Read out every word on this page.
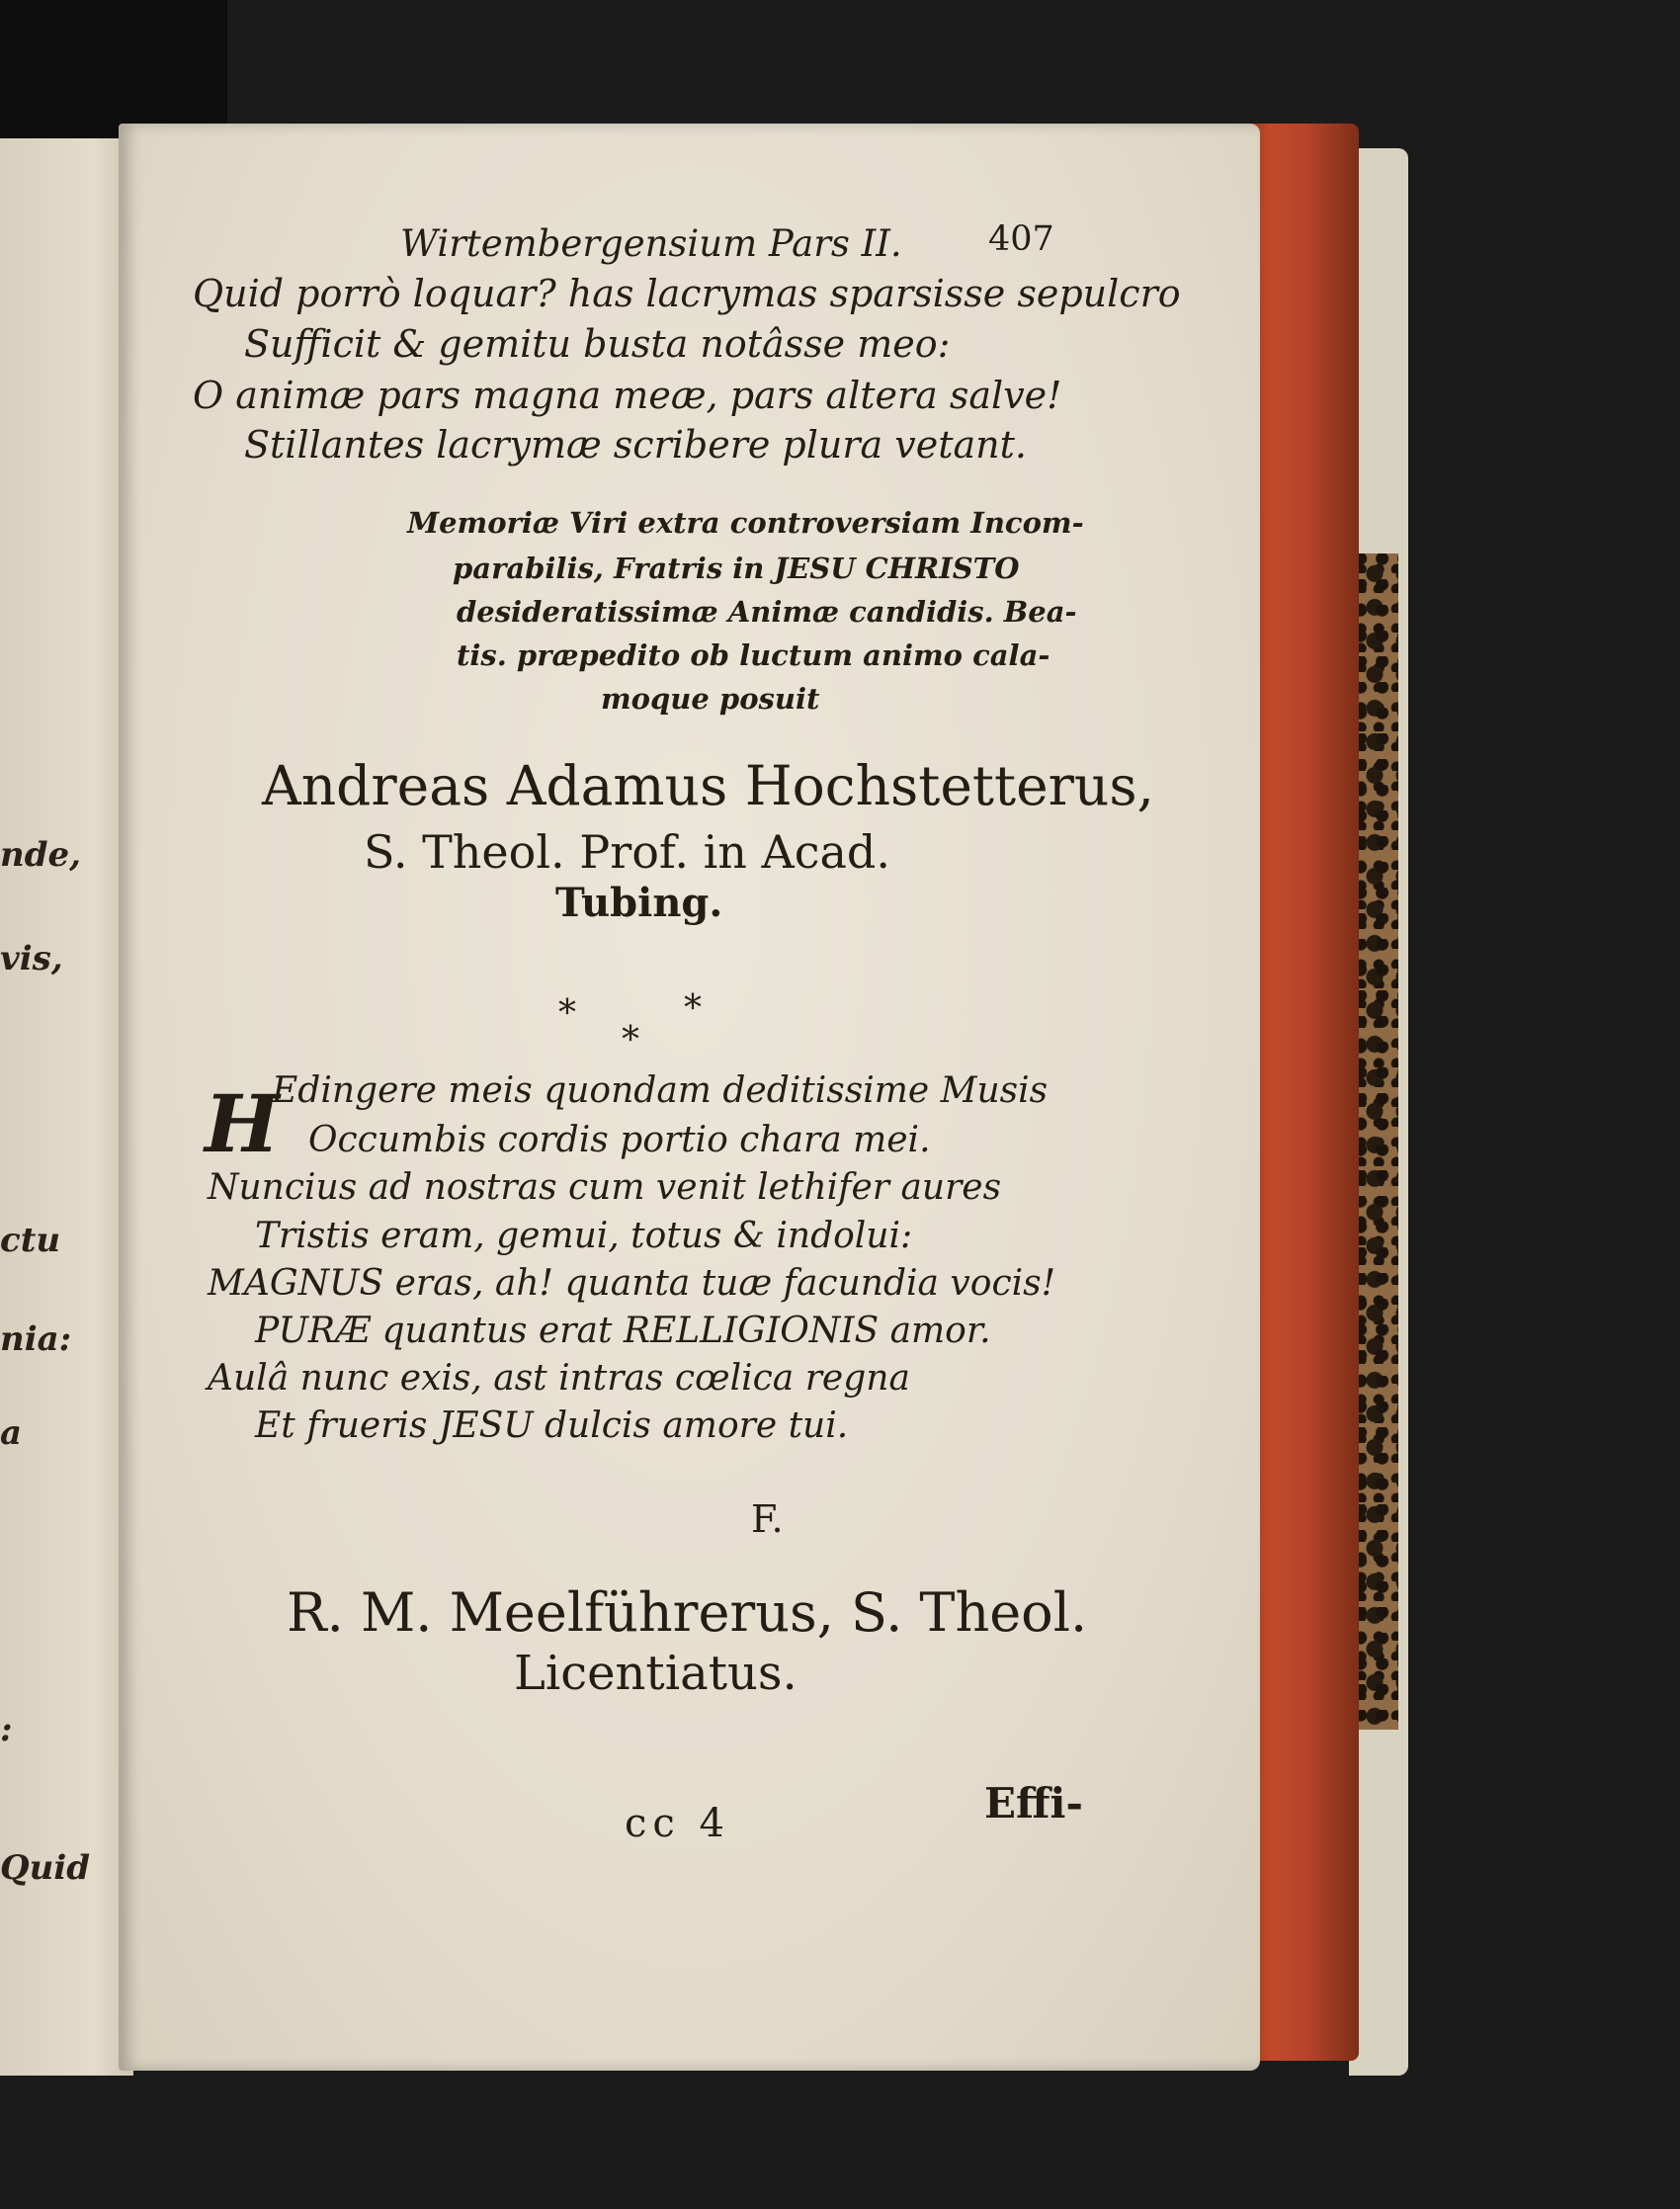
nde,
vis,
ctu
nia:
a
:
Quid
Wirtembergensium Pars II. 407
Quid porrò loquar? has lacrymas sparsisse sepulcro
Sufficit & gemitu busta notâsse meo:
O animæ pars magna meæ, pars altera salve!
Stillantes lacrymæ scribere plura vetant.
Memoriæ Viri extra controversiam Incom-
parabilis, Fratris in JESU CHRISTO
desideratissimæ Animæ candidis. Bea-
tis. præpedito ob luctum animo cala-
moque posuit
Andreas Adamus Hochstetterus,
S. Theol. Prof. in Acad.
Tubing.
*	*
*
H
Edingere meis quondam deditissime Musis
Occumbis cordis portio chara mei.
Nuncius ad nostras cum venit lethifer aures
Tristis eram, gemui, totus & indolui:
MAGNUS eras, ah! quanta tuæ facundia vocis!
PURÆ quantus erat RELLIGIONIS amor.
Aulâ nunc exis, ast intras cœlica regna
Et frueris JESU dulcis amore tui.
F.
R. M. Meelführerus, S. Theol.
Licentiatus.
cc 4	Effi-
